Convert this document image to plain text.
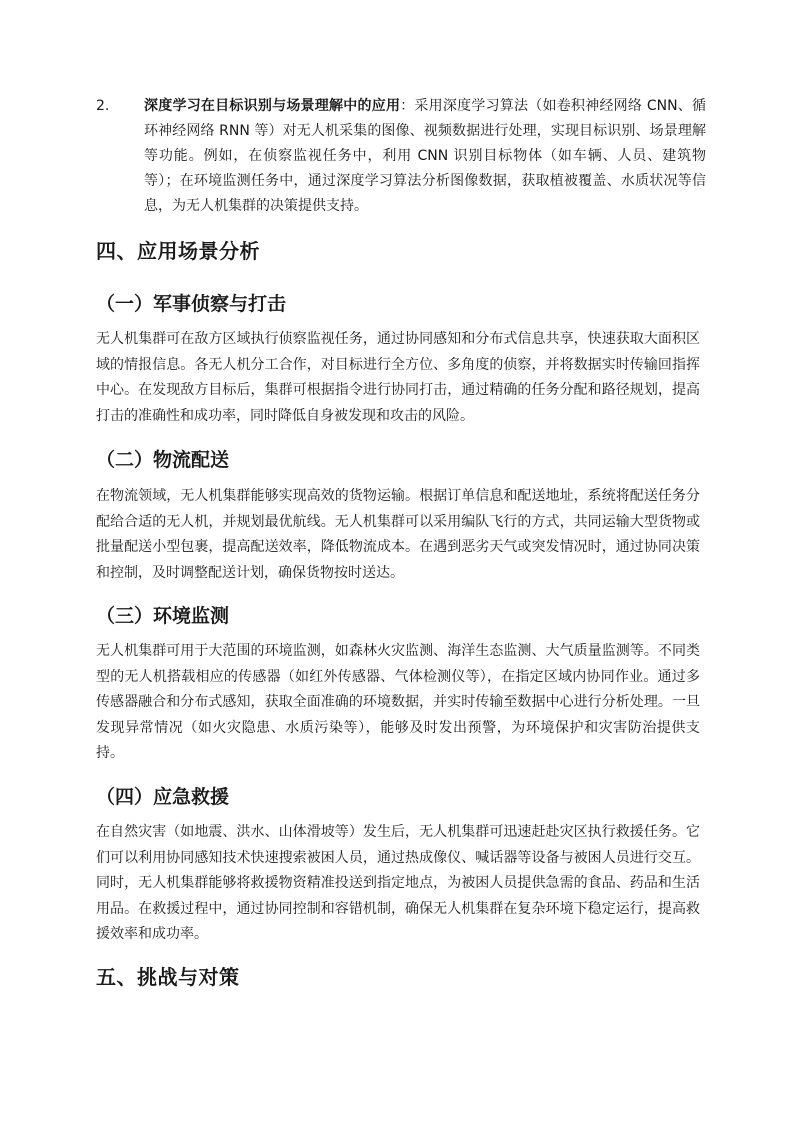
2. 深度学习在目标识别与场景理解中的应用：采用深度学习算法（如卷积神经网络 CNN、循环神经网络 RNN 等）对无人机采集的图像、视频数据进行处理，实现目标识别、场景理解等功能。例如，在侦察监视任务中，利用 CNN 识别目标物体（如车辆、人员、建筑物等）；在环境监测任务中，通过深度学习算法分析图像数据，获取植被覆盖、水质状况等信息，为无人机集群的决策提供支持。
四、应用场景分析
（一）军事侦察与打击

无人机集群可在敌方区域执行侦察监视任务，通过协同感知和分布式信息共享，快速获取大面积区域的情报信息。各无人机分工合作，对目标进行全方位、多角度的侦察，并将数据实时传输回指挥中心。在发现敌方目标后，集群可根据指令进行协同打击，通过精确的任务分配和路径规划，提高打击的准确性和成功率，同时降低自身被发现和攻击的风险。

（二）物流配送

在物流领域，无人机集群能够实现高效的货物运输。根据订单信息和配送地址，系统将配送任务分配给合适的无人机，并规划最优航线。无人机集群可以采用编队飞行的方式，共同运输大型货物或批量配送小型包裹，提高配送效率，降低物流成本。在遇到恶劣天气或突发情况时，通过协同决策和控制，及时调整配送计划，确保货物按时送达。

（三）环境监测

无人机集群可用于大范围的环境监测，如森林火灾监测、海洋生态监测、大气质量监测等。不同类型的无人机搭载相应的传感器（如红外传感器、气体检测仪等），在指定区域内协同作业。通过多传感器融合和分布式感知，获取全面准确的环境数据，并实时传输至数据中心进行分析处理。一旦发现异常情况（如火灾隐患、水质污染等），能够及时发出预警，为环境保护和灾害防治提供支持。

（四）应急救援

在自然灾害（如地震、洪水、山体滑坡等）发生后，无人机集群可迅速赶赴灾区执行救援任务。它们可以利用协同感知技术快速搜索被困人员，通过热成像仪、喊话器等设备与被困人员进行交互。同时，无人机集群能够将救援物资精准投送到指定地点，为被困人员提供急需的食品、药品和生活用品。在救援过程中，通过协同控制和容错机制，确保无人机集群在复杂环境下稳定运行，提高救援效率和成功率。

五、挑战与对策
